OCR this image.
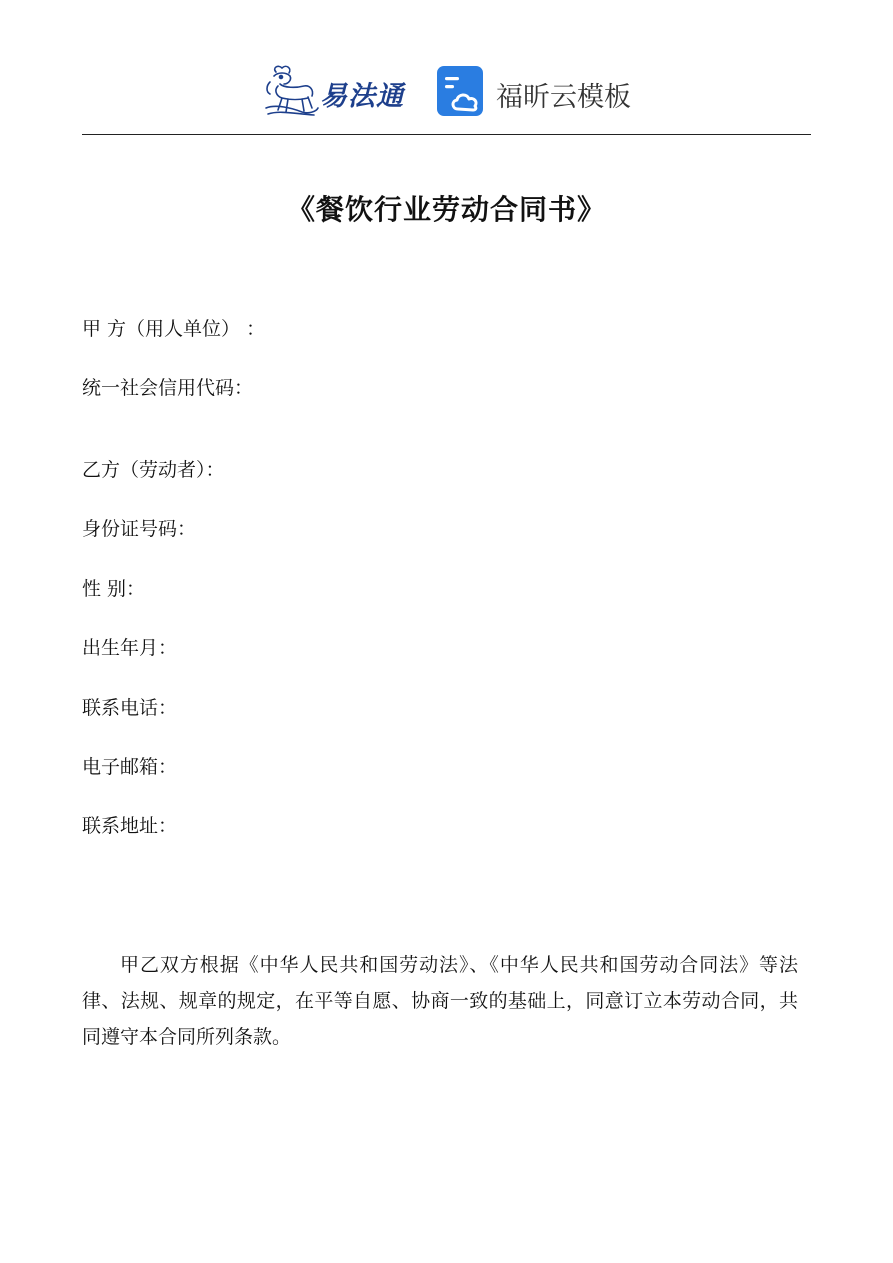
易法通	福昕云模板
《餐饮行业劳动合同书》
甲 方（用人单位） ：
统一社会信用代码：
乙方（劳动者）：
身份证号码：
性 别：
出生年月：
联系电话：
电子邮箱：
联系地址：
甲乙双方根据《中华人民共和国劳动法》、《中华人民共和国劳动合同法》等法律、法规、规章的规定，在平等自愿、协商一致的基础上，同意订立本劳动合同，共同遵守本合同所列条款。
